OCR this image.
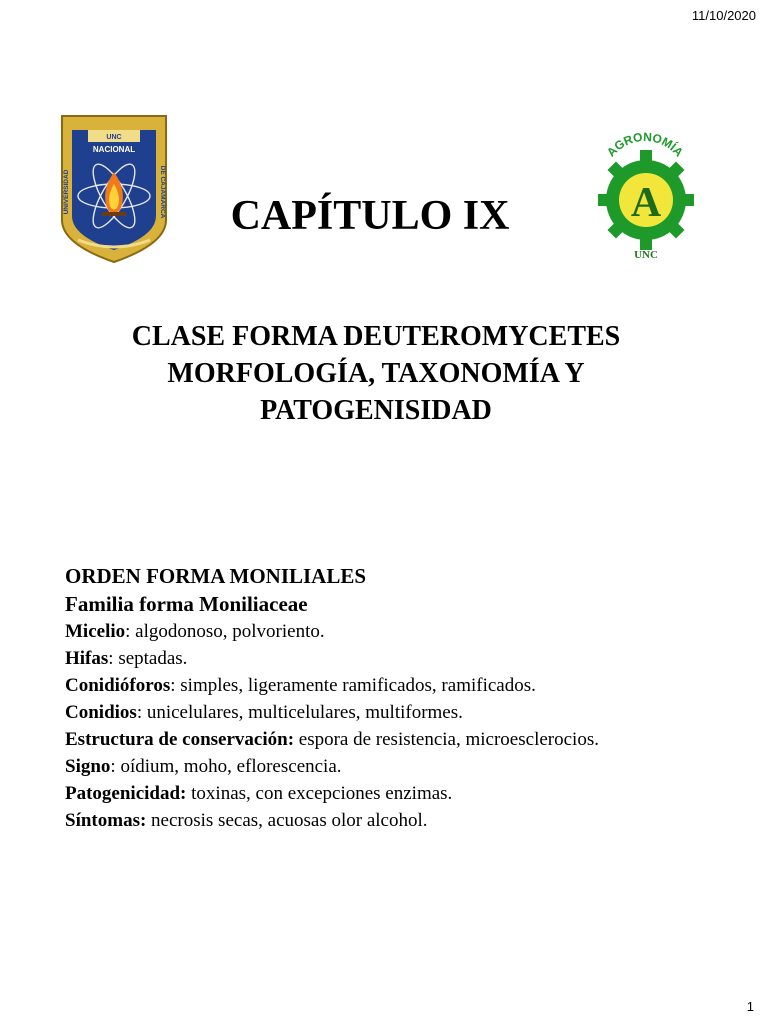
11/10/2020
UNC
NACIONAL
UNIVERSIDAD	DE CAJAMARCA	A
AGRONOMÍA
UNC
CAPÍTULO IX
CLASE FORMA DEUTEROMYCETES
MORFOLOGÍA, TAXONOMÍA Y
PATOGENISIDAD

ORDEN FORMA MONILIALES

Familia forma Moniliaceae

Micelio: algodonoso, polvoriento.

Hifas: septadas.

Conidióforos: simples, ligeramente ramificados, ramificados.

Conidios: unicelulares, multicelulares, multiformes.

Estructura de conservación: espora de resistencia, microesclerocios.

Signo: oídium, moho, eflorescencia.

Patogenicidad: toxinas, con excepciones enzimas.

Síntomas: necrosis secas, acuosas olor alcohol.

1
